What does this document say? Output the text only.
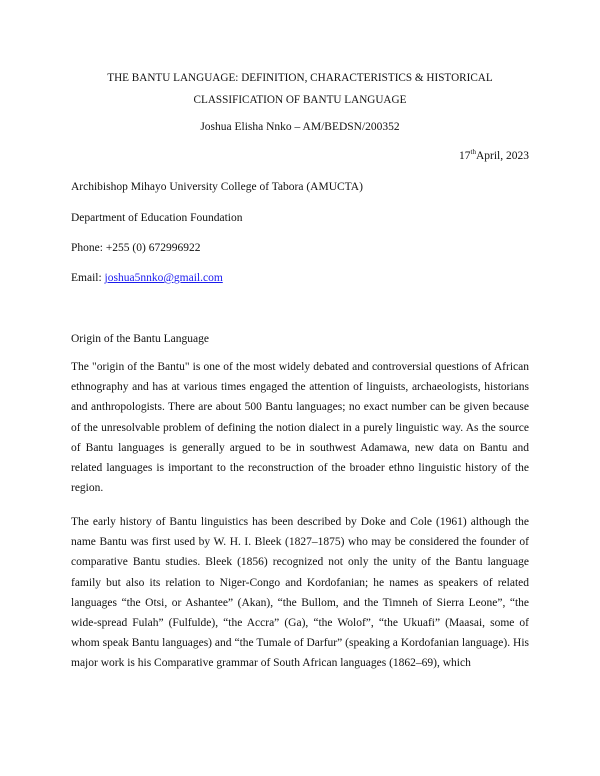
THE BANTU LANGUAGE: DEFINITION, CHARACTERISTICS & HISTORICAL
CLASSIFICATION OF BANTU LANGUAGE
Joshua Elisha Nnko – AM/BEDSN/200352
17thApril, 2023
Archibishop Mihayo University College of Tabora (AMUCTA)
Department of Education Foundation
Phone: +255 (0) 672996922
Email: joshua5nnko@gmail.com
Origin of the Bantu Language

The "origin of the Bantu" is one of the most widely debated and controversial questions of African ethnography and has at various times engaged the attention of linguists, archaeologists, historians and anthropologists. There are about 500 Bantu languages; no exact number can be given because of the unresolvable problem of defining the notion dialect in a purely linguistic way. As the source of Bantu languages is generally argued to be in southwest Adamawa, new data on Bantu and related languages is important to the reconstruction of the broader ethno linguistic history of the region.

The early history of Bantu linguistics has been described by Doke and Cole (1961) although the name Bantu was first used by W. H. I. Bleek (1827–1875) who may be considered the founder of comparative Bantu studies. Bleek (1856) recognized not only the unity of the Bantu language family but also its relation to Niger-Congo and Kordofanian; he names as speakers of related languages “the Otsi, or Ashantee” (Akan), “the Bullom, and the Timneh of Sierra Leone”, “the wide-spread Fulah” (Fulfulde), “the Accra” (Ga), “the Wolof”, “the Ukuafi” (Maasai, some of whom speak Bantu languages) and “the Tumale of Darfur” (speaking a Kordofanian language). His major work is his Comparative grammar of South African languages (1862–69), which
